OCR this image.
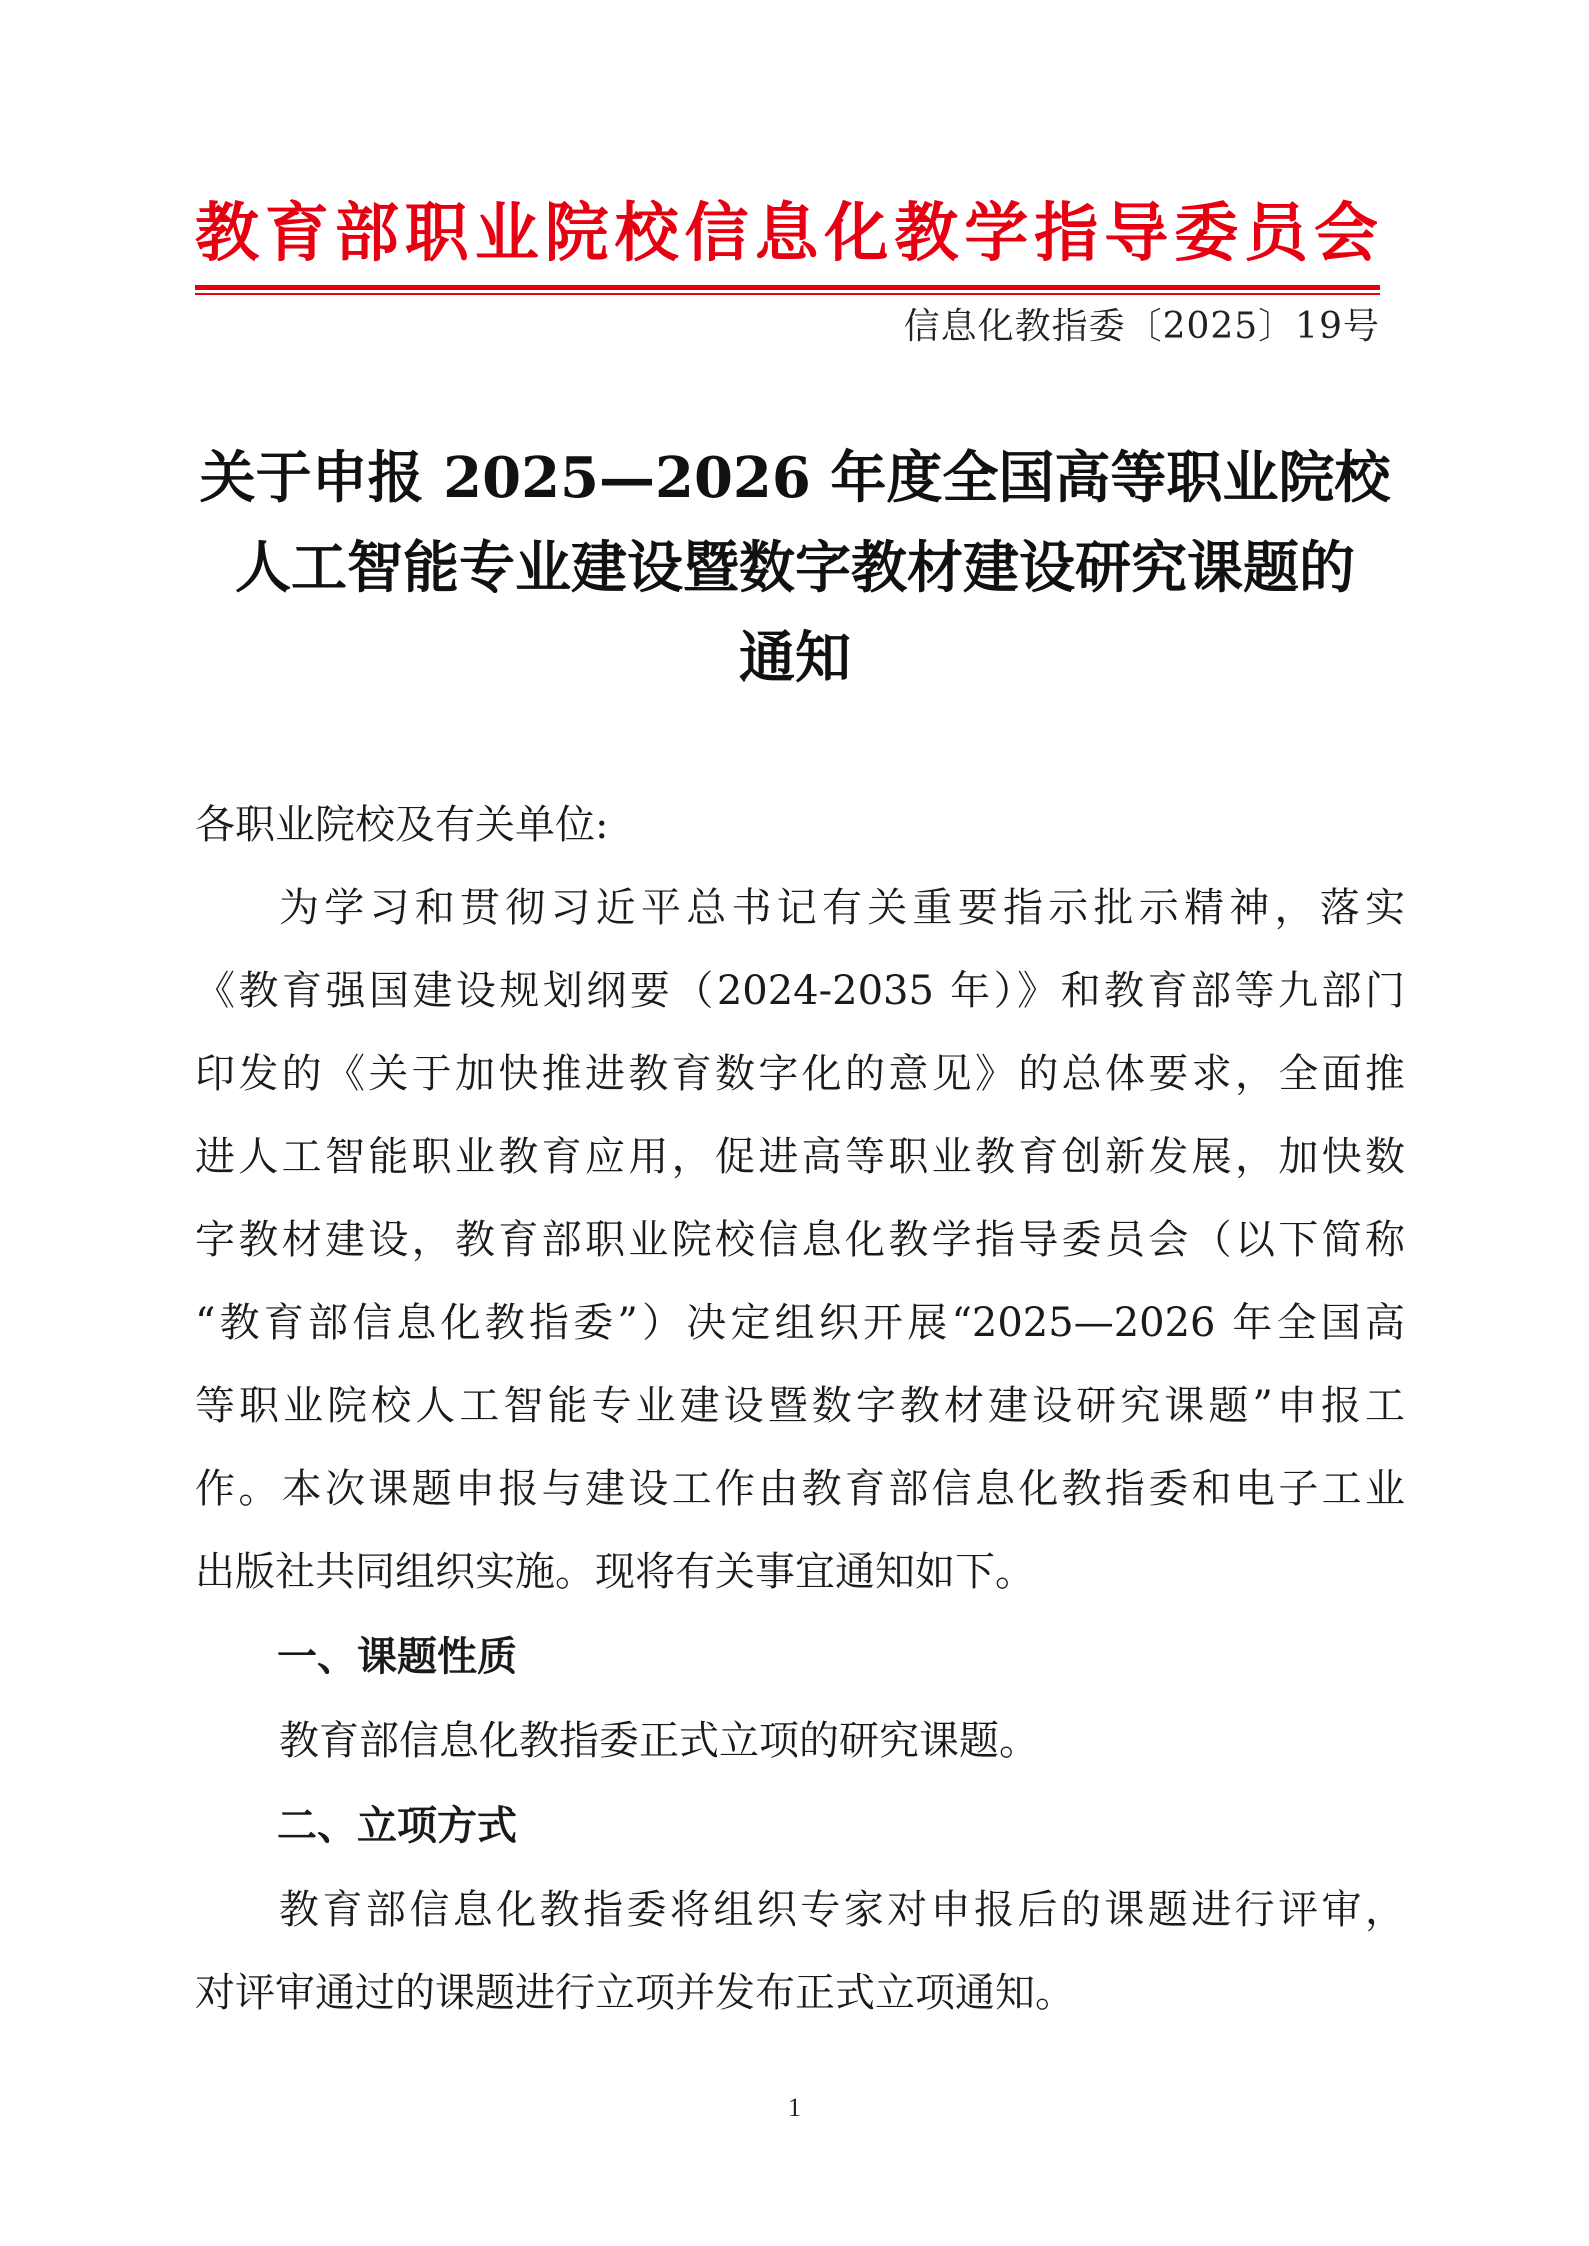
教育部职业院校信息化教学指导委员会
信息化教指委〔2025〕19号
关于申报 2025—2026 年度全国高等职业院校
人工智能专业建设暨数字教材建设研究课题的
通知
各职业院校及有关单位:
为学习和贯彻习近平总书记有关重要指示批示精神，落实
《教育强国建设规划纲要（2024-2035 年）》和教育部等九部门
印发的《关于加快推进教育数字化的意见》的总体要求，全面推
进人工智能职业教育应用，促进高等职业教育创新发展，加快数
字教材建设，教育部职业院校信息化教学指导委员会（以下简称
“教育部信息化教指委”）决定组织开展“2025—2026 年全国高
等职业院校人工智能专业建设暨数字教材建设研究课题”申报工
作。本次课题申报与建设工作由教育部信息化教指委和电子工业
出版社共同组织实施。现将有关事宜通知如下。
一、课题性质
教育部信息化教指委正式立项的研究课题。
二、立项方式
教育部信息化教指委将组织专家对申报后的课题进行评审，
对评审通过的课题进行立项并发布正式立项通知。
1
